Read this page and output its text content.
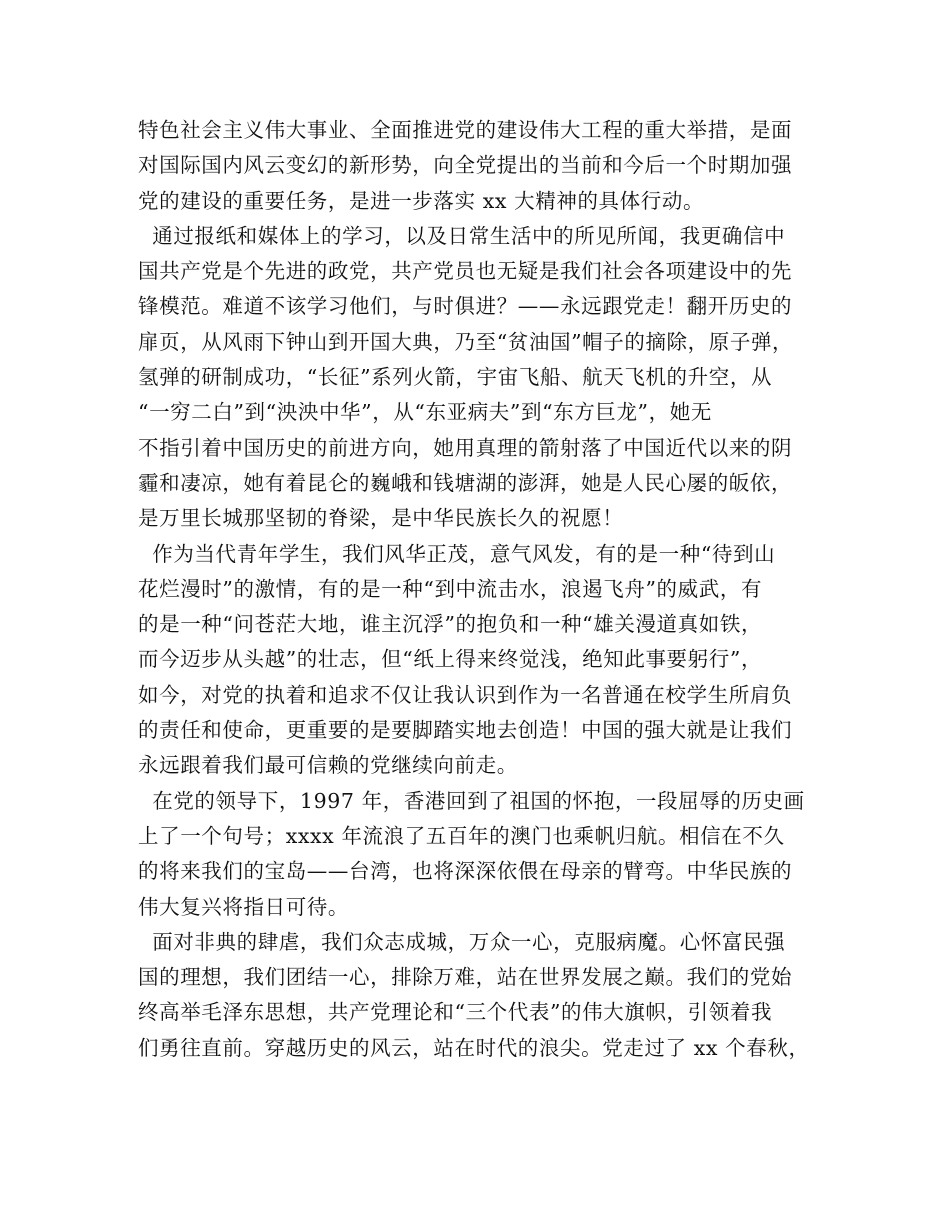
特色社会主义伟大事业、全面推进党的建设伟大工程的重大举措，是面
对国际国内风云变幻的新形势，向全党提出的当前和今后一个时期加强
党的建设的重要任务，是进一步落实 xx 大精神的具体行动。
通过报纸和媒体上的学习，以及日常生活中的所见所闻，我更确信中
国共产党是个先进的政党，共产党员也无疑是我们社会各项建设中的先
锋模范。难道不该学习他们，与时俱进？——永远跟党走！翻开历史的
扉页，从风雨下钟山到开国大典，乃至“贫油国”帽子的摘除，原子弹，
氢弹的研制成功，“长征”系列火箭，宇宙飞船、航天飞机的升空，从
“一穷二白”到“泱泱中华”，从“东亚病夫”到“东方巨龙”，她无
不指引着中国历史的前进方向，她用真理的箭射落了中国近代以来的阴
霾和凄凉，她有着昆仑的巍峨和钱塘湖的澎湃，她是人民心屡的皈依，
是万里长城那坚韧的脊梁，是中华民族长久的祝愿！
作为当代青年学生，我们风华正茂，意气风发，有的是一种“待到山
花烂漫时”的激情，有的是一种“到中流击水，浪遏飞舟”的威武，有
的是一种“问苍茫大地，谁主沉浮”的抱负和一种“雄关漫道真如铁，
而今迈步从头越”的壮志，但“纸上得来终觉浅，绝知此事要躬行”，
如今，对党的执着和追求不仅让我认识到作为一名普通在校学生所肩负
的责任和使命，更重要的是要脚踏实地去创造！中国的强大就是让我们
永远跟着我们最可信赖的党继续向前走。
在党的领导下，1997 年，香港回到了祖国的怀抱，一段屈辱的历史画
上了一个句号；xxxx 年流浪了五百年的澳门也乘帆归航。相信在不久
的将来我们的宝岛——台湾，也将深深依偎在母亲的臂弯。中华民族的
伟大复兴将指日可待。
面对非典的肆虐，我们众志成城，万众一心，克服病魔。心怀富民强
国的理想，我们团结一心，排除万难，站在世界发展之巅。我们的党始
终高举毛泽东思想，共产党理论和“三个代表”的伟大旗帜，引领着我
们勇往直前。穿越历史的风云，站在时代的浪尖。党走过了 xx 个春秋，
